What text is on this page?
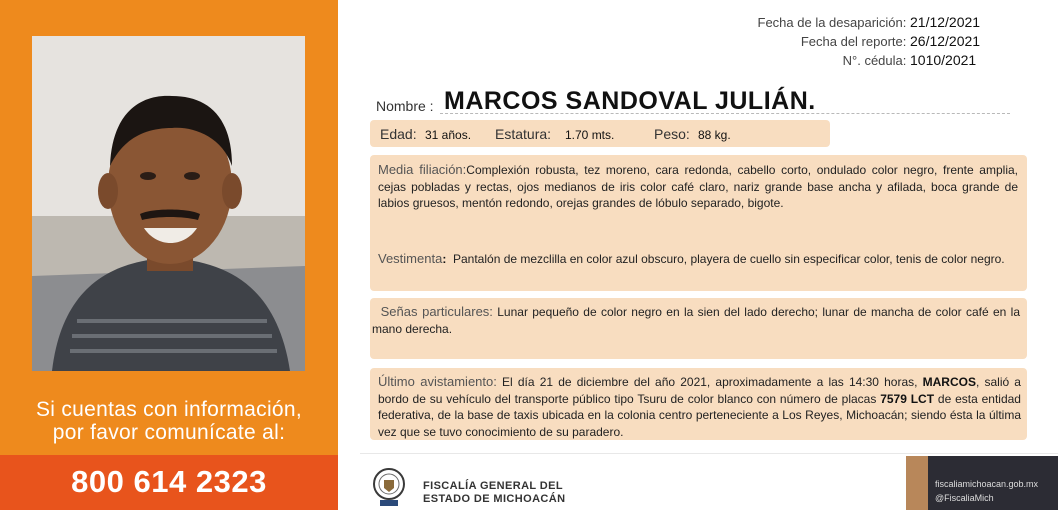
Si cuentas con información,
por favor comunícate al:
800 614 2323
Fecha de la desaparición: 21/12/2021
Fecha del reporte: 26/12/2021
N°. cédula: 1010/2021
Nombre : MARCOS SANDOVAL JULIÁN.
Edad: 31 años. Estatura: 1.70 mts.	Peso: 88 kg.
Media filiación:Complexión robusta, tez moreno, cara redonda, cabello corto, ondulado color negro, frente amplia, cejas pobladas y rectas, ojos medianos de iris color café claro, nariz grande base ancha y afilada, boca grande de labios gruesos, mentón redondo, orejas grandes de lóbulo separado, bigote.
Vestimenta: Pantalón de mezclilla en color azul obscuro, playera de cuello sin especificar color, tenis de color negro.
Señas particulares: Lunar pequeño de color negro en la sien del lado derecho; lunar de mancha de color café en la mano derecha.
Último avistamiento: El día 21 de diciembre del año 2021, aproximadamente a las 14:30 horas, MARCOS, salió a bordo de su vehículo del transporte público tipo Tsuru de color blanco con número de placas 7579 LCT de esta entidad federativa, de la base de taxis ubicada en la colonia centro perteneciente a Los Reyes, Michoacán; siendo ésta la última vez que se tuvo conocimiento de su paradero.
FISCALÍA GENERAL DEL
ESTADO DE MICHOACÁN
fiscaliamichoacan.gob.mx
@FiscaliaMich
